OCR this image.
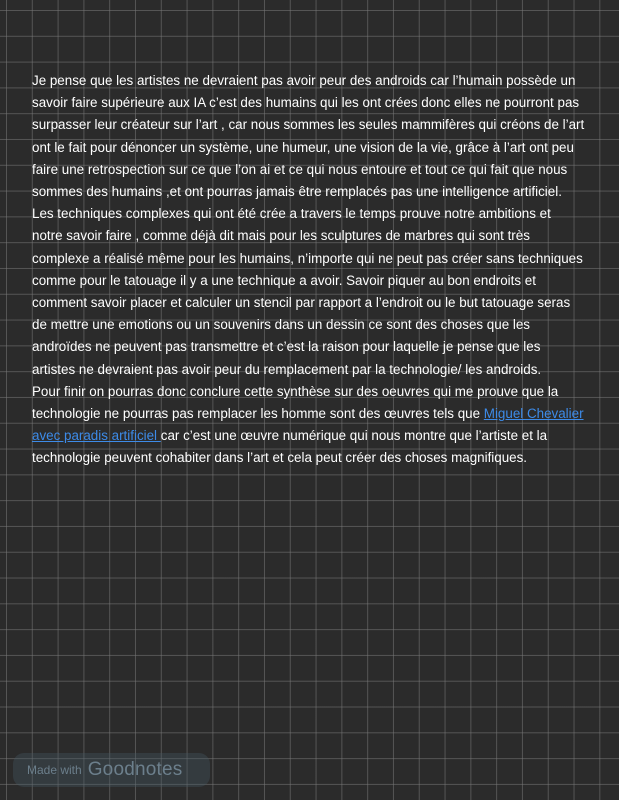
Je pense que les artistes ne devraient pas avoir peur des androids car l’humain possède un
savoir faire supérieure aux IA c’est des humains qui les ont crées donc elles ne pourront pas
surpasser leur créateur sur l’art , car nous sommes les seules mammifères qui créons de l’art
ont le fait pour dénoncer un système, une humeur, une vision de la vie, grâce à l’art ont peu
faire une retrospection sur ce que l’on ai et ce qui nous entoure et tout ce qui fait que nous
sommes des humains ,et ont pourras jamais être remplacés pas une intelligence artificiel.
Les techniques complexes qui ont été crée a travers le temps prouve notre ambitions et
notre savoir faire , comme déjà dit mais pour les sculptures de marbres qui sont très
complexe a réalisé même pour les humains, n’importe qui ne peut pas créer sans techniques
comme pour le tatouage il y a une technique a avoir. Savoir piquer au bon endroits et
comment savoir placer et calculer un stencil par rapport a l’endroit ou le but tatouage seras
de mettre une emotions ou un souvenirs dans un dessin ce sont des choses que les
androïdes ne peuvent pas transmettre et c’est la raison pour laquelle je pense que les
artistes ne devraient pas avoir peur du remplacement par la technologie/ les androids.
Pour finir on pourras donc conclure cette synthèse sur des oeuvres qui me prouve que la
technologie ne pourras pas remplacer les homme sont des œuvres tels que Miguel Chevalier
avec paradis artificiel car c’est une œuvre numérique qui nous montre que l’artiste et la
technologie peuvent cohabiter dans l’art et cela peut créer des choses magnifiques.
Made with Goodnotes
